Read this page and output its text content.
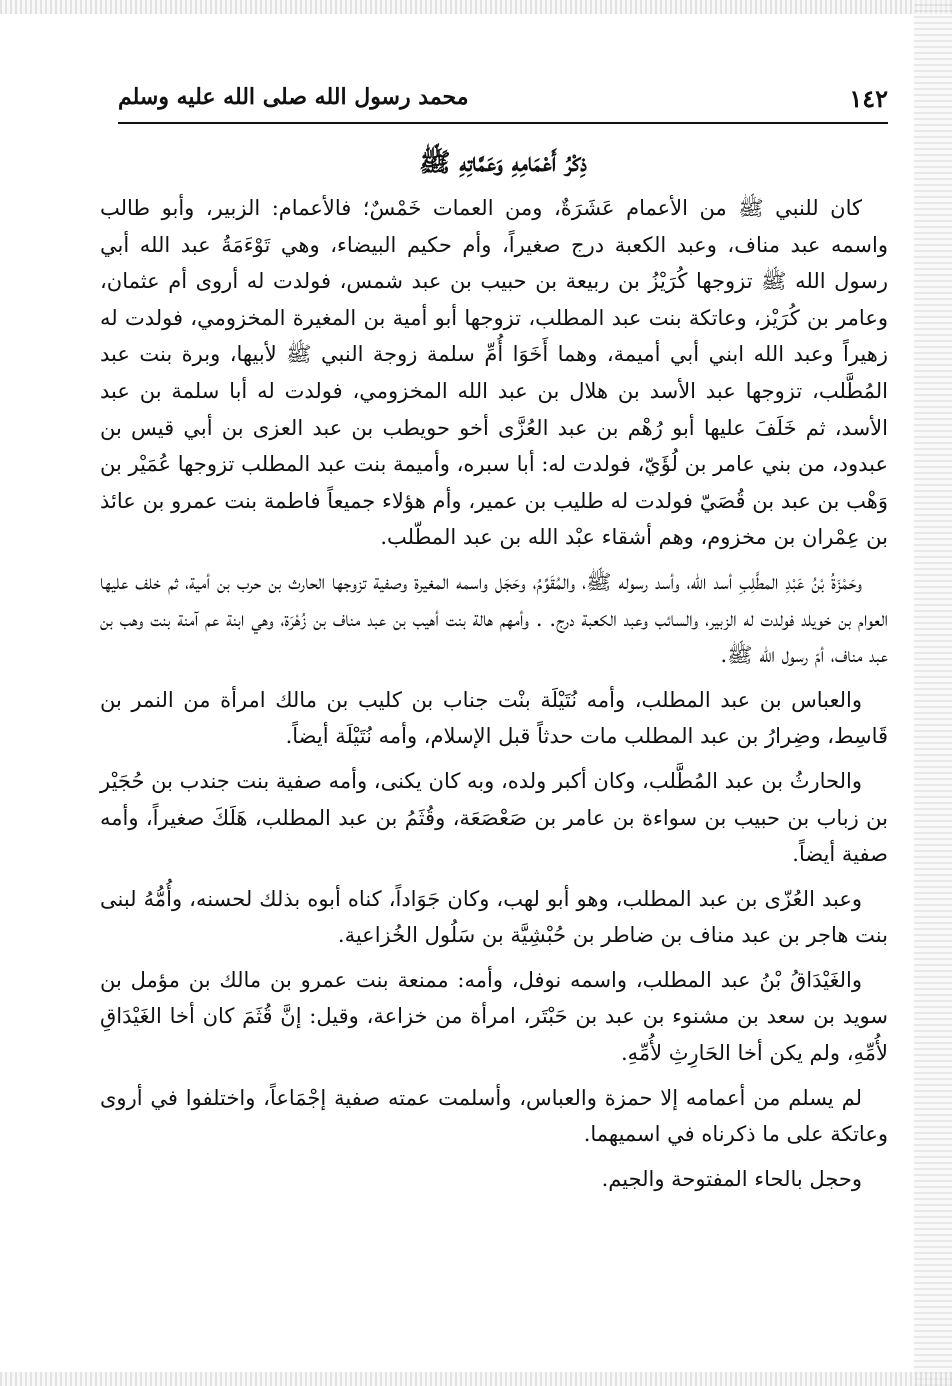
محمد رسول الله صلى الله عليه وسلم	١٤٢
ذِكْرُ أَعْمَامِهِ وَعَمَّاتِهِ ﷺ

كان للنبي ﷺ من الأعمام عَشَرَةٌ، ومن العمات خَمْسٌ؛ فالأعمام: الزبير، وأبو طالب واسمه عبد مناف، وعبد الكعبة درج صغيراً، وأم حكيم البيضاء، وهي تَوْءَمَةُ عبد الله أبي رسول الله ﷺ تزوجها كُرَيْزُ بن ربيعة بن حبيب بن عبد شمس، فولدت له أروى أم عثمان، وعامر بن كُرَيْز، وعاتكة بنت عبد المطلب، تزوجها أبو أمية بن المغيرة المخزومي، فولدت له زهيراً وعبد الله ابني أبي أميمة، وهما أَخَوَا أُمِّ سلمة زوجة النبي ﷺ لأبيها، وبرة بنت عبد المُطَّلب، تزوجها عبد الأسد بن هلال بن عبد الله المخزومي، فولدت له أبا سلمة بن عبد الأسد، ثم خَلَفَ عليها أبو رُهْم بن عبد العُزَّى أخو حويطب بن عبد العزى بن أبي قيس بن عبدود، من بني عامر بن لُؤَيّ، فولدت له: أبا سبره، وأميمة بنت عبد المطلب تزوجها عُمَيْر بن وَهْب بن عبد بن قُصَيّ فولدت له طليب بن عمير، وأم هؤلاء جميعاً فاطمة بنت عمرو بن عائذ بن عِمْران بن مخزوم، وهم أشقاء عبْد الله بن عبد المطّلب.

وحَمْزَةُ بْنُ عَبْدِ المطَّلِبِ أسد الله، وأسد رسوله ﷺ، والمُقَوِّمُ، وحَجَل واسمه المغيرة وصفية تزوجها الحارث بن حرب بن أمية، ثم خلف عليها العوام بن خويلد فولدت له الزبير، والسائب وعبد الكعبة درج. . وأمهم هالة بنت أهيب بن عبد مناف بن زُهْرَة، وهي ابنة عم آمنة بنت وهب بن عبد مناف، أمّ رسول الله ﷺ.

والعباس بن عبد المطلب، وأمه نُتَيْلَة بنْت جناب بن كليب بن مالك امرأة من النمر بن قَاسِط، وضِرارُ بن عبد المطلب مات حدثاً قبل الإسلام، وأمه نُتَيْلَة أيضاً.

والحارثُ بن عبد المُطَّلب، وكان أكبر ولده، وبه كان يكنى، وأمه صفية بنت جندب بن حُجَيْر بن زباب بن حبيب بن سواءة بن عامر بن صَعْصَعَة، وقُثَمُ بن عبد المطلب، هَلَكَ صغيراً، وأمه صفية أيضاً.

وعبد العُزّى بن عبد المطلب، وهو أبو لهب، وكان جَوَاداً، كناه أبوه بذلك لحسنه، وأُمُّهُ لبنى بنت هاجر بن عبد مناف بن ضاطر بن حُبْشِيَّة بن سَلُول الخُزاعية.

والغَيْدَاقُ بْنُ عبد المطلب، واسمه نوفل، وأمه: ممنعة بنت عمرو بن مالك بن مؤمل بن سويد بن سعد بن مشنوء بن عبد بن حَبْتَر، امرأة من خزاعة، وقيل: إنَّ قُثَمَ كان أخا الغَيْدَاقِ لأُمِّهِ، ولم يكن أخا الحَارِثِ لأُمِّهِ.

لم يسلم من أعمامه إلا حمزة والعباس، وأسلمت عمته صفية إجْمَاعاً، واختلفوا في أروى وعاتكة على ما ذكرناه في اسميهما.

وحجل بالحاء المفتوحة والجيم.
